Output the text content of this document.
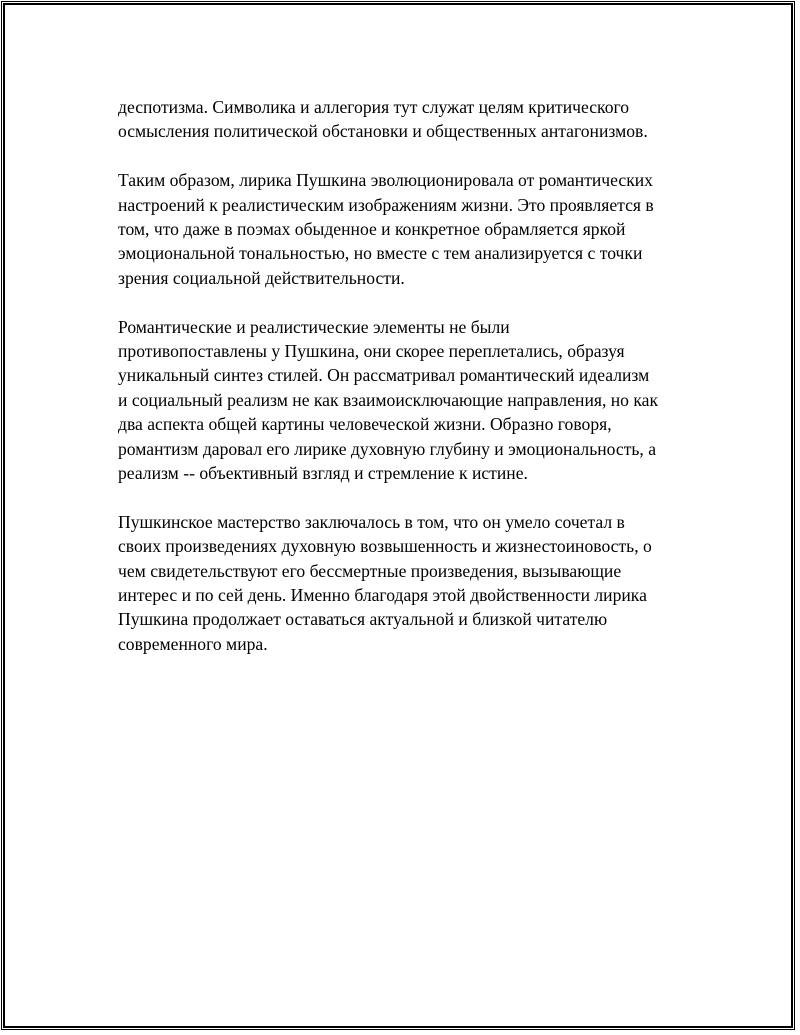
деспотизма. Символика и аллегория тут служат целям критического
осмысления политической обстановки и общественных антагонизмов.

Таким образом, лирика Пушкина эволюционировала от романтических
настроений к реалистическим изображениям жизни. Это проявляется в
том, что даже в поэмах обыденное и конкретное обрамляется яркой
эмоциональной тональностью, но вместе с тем анализируется с точки
зрения социальной действительности.

Романтические и реалистические элементы не были
противопоставлены у Пушкина, они скорее переплетались, образуя
уникальный синтез стилей. Он рассматривал романтический идеализм
и социальный реализм не как взаимоисключающие направления, но как
два аспекта общей картины человеческой жизни. Образно говоря,
романтизм даровал его лирике духовную глубину и эмоциональность, а
реализм -- объективный взгляд и стремление к истине.

Пушкинское мастерство заключалось в том, что он умело сочетал в
своих произведениях духовную возвышенность и жизнестоиновость, о
чем свидетельствуют его бессмертные произведения, вызывающие
интерес и по сей день. Именно благодаря этой двойственности лирика
Пушкина продолжает оставаться актуальной и близкой читателю
современного мира.
